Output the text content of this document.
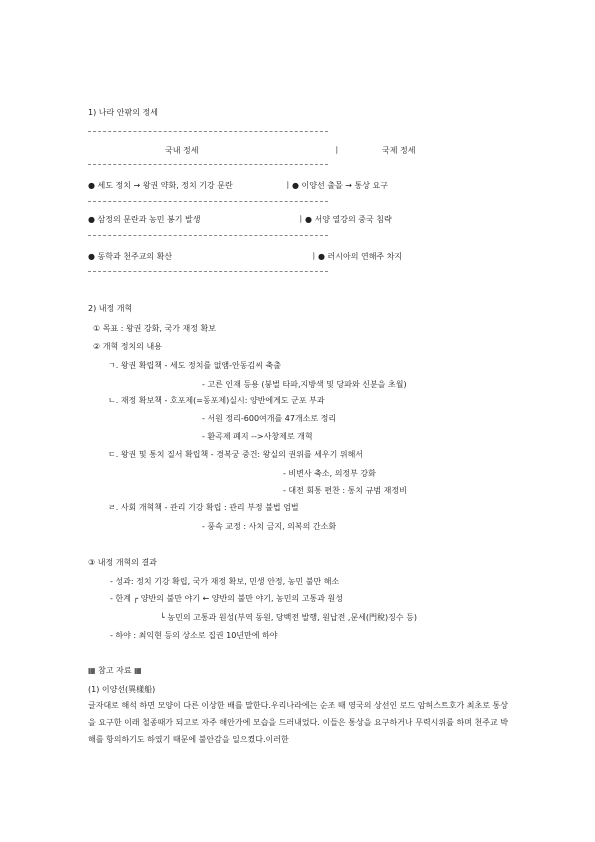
1) 나라 안팎의 정세
국내 정세	ㅣ	국제 정세
● 세도 정치 → 왕권 약화, 정치 기강 문란	ㅣ ● 이양선 출몰 → 통상 요구
● 삼정의 문란과 농민 봉기 발생	ㅣ ● 서양 열강의 중국 침략
● 동학과 천주교의 확산	ㅣ ● 러시아의 연해주 차지
2) 내정 개혁
① 목표 : 왕권 강화, 국가 재정 확보
② 개혁 정치의 내용
ㄱ. 왕권 확립책 - 세도 정치를 없앰-안동김씨 축출
- 고른 인재 등용 (붕벌 타파,지방색 및 당파와 신분을 초월)
ㄴ. 재정 확보책 - 호포제(=동포제)실시: 양반에게도 군포 부과
- 서원 정리-600여개를 47개소로 정리
- 환곡제 폐지 -->사창제로 개혁
ㄷ. 왕권 및 통치 질서 확립책 - 경복궁 중건: 왕실의 권위를 세우기 위해서
- 비변사 축소, 의정부 강화
- 대전 회통 편찬 : 통치 규범 재정비
ㄹ. 사회 개혁책 - 관리 기강 확립 : 관리 부정 불법 엄벌
- 풍속 교정 : 사치 금지, 의복의 간소화
③ 내정 개혁의 결과
- 성과: 정치 기강 확립, 국가 재정 확보, 민생 안정, 농민 불만 해소
- 한계 ┌ 양반의 불만 야기 ← 양반의 불만 야기, 농민의 고통과 원성
└ 농민의 고통과 원성(부역 동원, 당백전 발행, 원납전 ,문세(門稅)징수 등)
- 하야 : 최익현 등의 상소로 집권 10년만에 하야
▦ 참고 자료 ▦
(1) 이양선(異樣船)
글자대로 해석 하면 모양이 다른 이상한 배를 말한다.우리나라에는 순조 때 영국의 상선인 로드 암허스트호가 최초로 통상을 요구한 이래 철종때가 되고로 자주 해안가에 모습을 드러내었다. 이들은 통상을 요구하거나 무력시위를 하며 천주교 박해를 항의하기도 하였기 때문에 불안감을 일으켰다.이러한
